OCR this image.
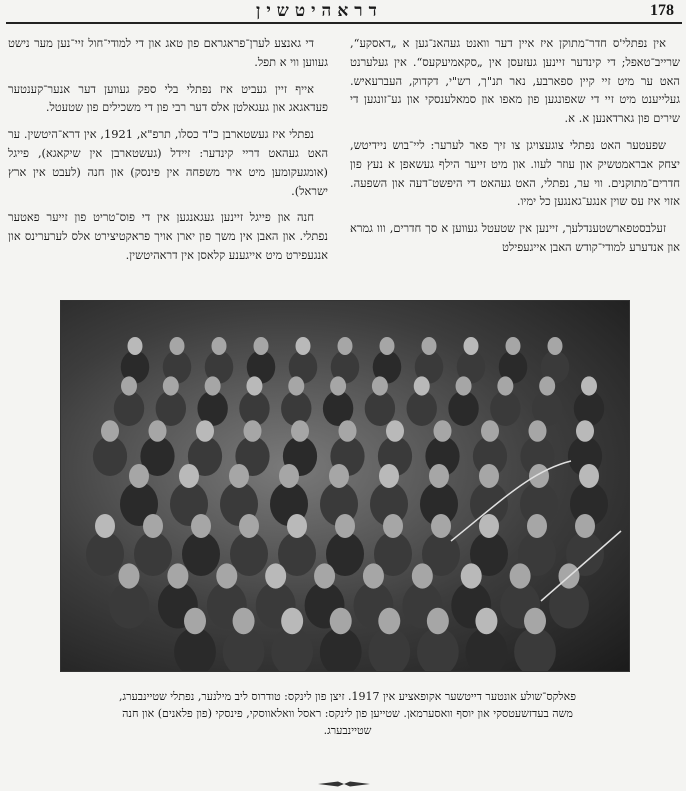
דראהיטשין	178

אין נפתלי'ס חדר־מתוקן איז איין דער וואנט געהאנ־גען א „דאסקע“, שרייב־טאפל; די קינדער זיינען געזעסן אין „סקאמיעקעס“. אין געלערנט האט ער מיט זיי קיין ספארבע, נאר תנ"ך, רש"י, דקדוק, העברעאיש. געלייענט מיט זיי די שאפונגען פון מאפו און סמאלענסקי און גע־זונגען די שירים פון גארדאנען א. א.

שפעטער האט נפתלי צוגעצויגן צו זיך פאר לערער: ליי־בוש ניידיטש, יצחק אבראמטשיק און עוזר לעוו. און מיט זייער הילף געשאפן א נעץ פון חדרים־מתוקנים. ווי ער, נפתלי, האט געהאט די היפשט־דעה און השפעה. אזוי איז עס שוין אנגע־גאנגען כל ימיו.

זעלבסטפארשטענדלעך, זיינען אין שטעטל געווען א סך חדרים, ווו גמרא און אנדערע למודי־קודש האבן אייגעפילט

די גאנצע לערן־פראגראם פון טאג און די למודי־חול זיי־נען מער נישט געווען ווי א תפל.

אייף זיין געביט איז נפתלי בלי ספק געווען דער אנער־קענטער פעדאגאג און געגאלטן אלס דער רבי פון די משכילים פון שטעטל.

נפתלי איז געשטארבן כ"ד כסלו, תרפ"א, 1921, אין דרא־היטשין. ער האט געהאט דריי קינדער: זיידל (געשטארבן אין שיקאגא), פייגל (אומגעקומען מיט איר משפחה אין פינסק) און חנה (לעבט אין ארץ ישראל).

חנה און פייגל זיינען געגאנגען אין די פוס־טריט פון זייער פאטער נפתלי. און האבן אין משך פון יארן אויך פראקטיצירט אלס לערערינס און אנגעפירט מיט אייגענע קלאסן אין דראהיטשין.

פאלקס־שולע אונטער דייטשער אקופאציע אין 1917. זיצן פון לינקס: טודרוס ליב מילנער, נפתלי שטיינבערג, משה בעדזשעטסקי און יוסף וואסערמאן. שטייען פון לינקס: ראסל וואלאווסקי, פינסקי (פון פלאנים) און חנה שטיינבערג.
